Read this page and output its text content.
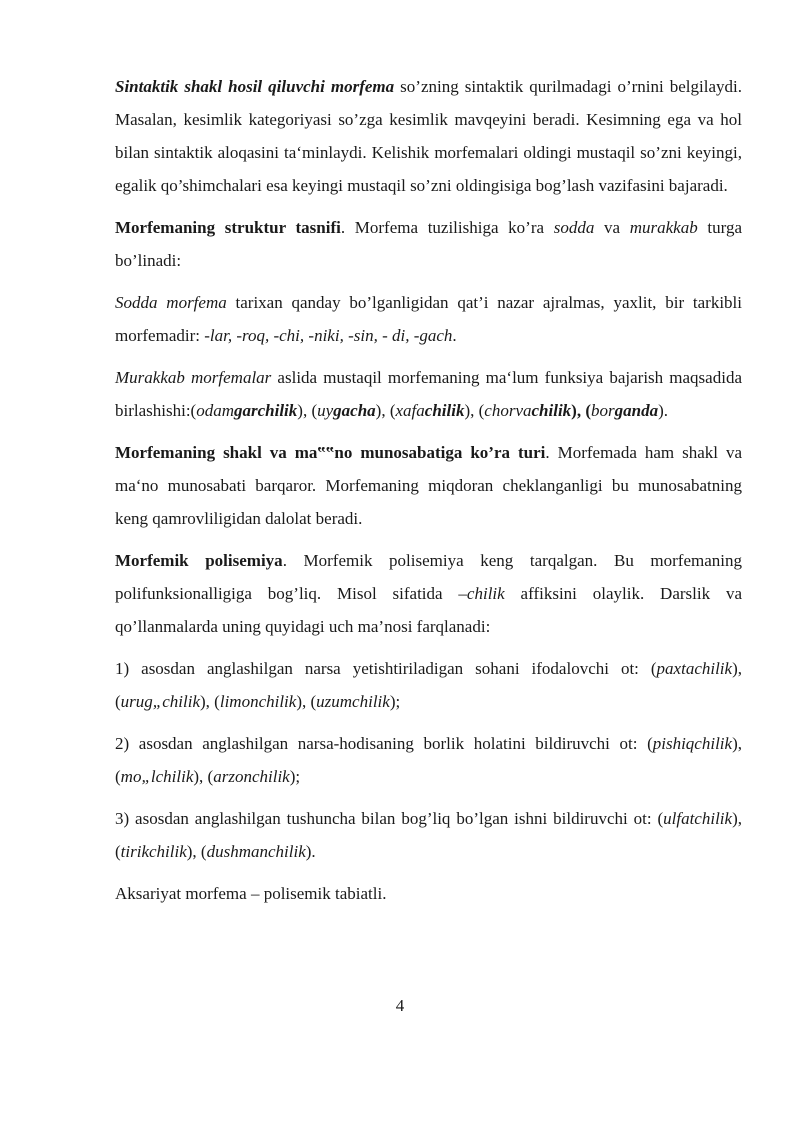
Sintaktik shakl hosil qiluvchi morfema so’zning sintaktik qurilmadagi o’rnini belgilaydi. Masalan, kesimlik kategoriyasi so’zga kesimlik mavqeyini beradi. Kesimning ega va hol bilan sintaktik aloqasini ta‘minlaydi. Kelishik morfemalari oldingi mustaqil so’zni keyingi, egalik qo’shimchalari esa keyingi mustaqil so’zni oldingisiga bog’lash vazifasini bajaradi.

Morfemaning struktur tasnifi. Morfema tuzilishiga ko’ra sodda va murakkab turga bo’linadi:

Sodda morfema tarixan qanday bo’lganligidan qat’i nazar ajralmas, yaxlit, bir tarkibli morfemadir: -lar, -roq, -chi, -niki, -sin, - di, -gach.

Murakkab morfemalar aslida mustaqil morfemaning ma‘lum funksiya bajarish maqsadida birlashishi:(odamgarchilik), (uygacha), (xafachilik), (chorvachilik), (borganda).

Morfemaning shakl va ma‟‟no munosabatiga ko’ra turi. Morfemada ham shakl va ma‘no munosabati barqaror. Morfemaning miqdoran cheklanganligi bu munosabatning keng qamrovliligidan dalolat beradi.

Morfemik polisemiya. Morfemik polisemiya keng tarqalgan. Bu morfemaning polifunksionalligiga bog’liq. Misol sifatida –chilik affiksini olaylik. Darslik va qo’llanmalarda uning quyidagi uch ma’nosi farqlanadi:

1) asosdan anglashilgan narsa yetishtiriladigan sohani ifodalovchi ot: (paxtachilik), (urug„chilik), (limonchilik), (uzumchilik);

2) asosdan anglashilgan narsa-hodisaning borlik holatini bildiruvchi ot: (pishiqchilik), (mo„lchilik), (arzonchilik);

3) asosdan anglashilgan tushuncha bilan bog’liq bo’lgan ishni bildiruvchi ot: (ulfatchilik), (tirikchilik), (dushmanchilik).

Aksariyat morfema – polisemik tabiatli.

4
